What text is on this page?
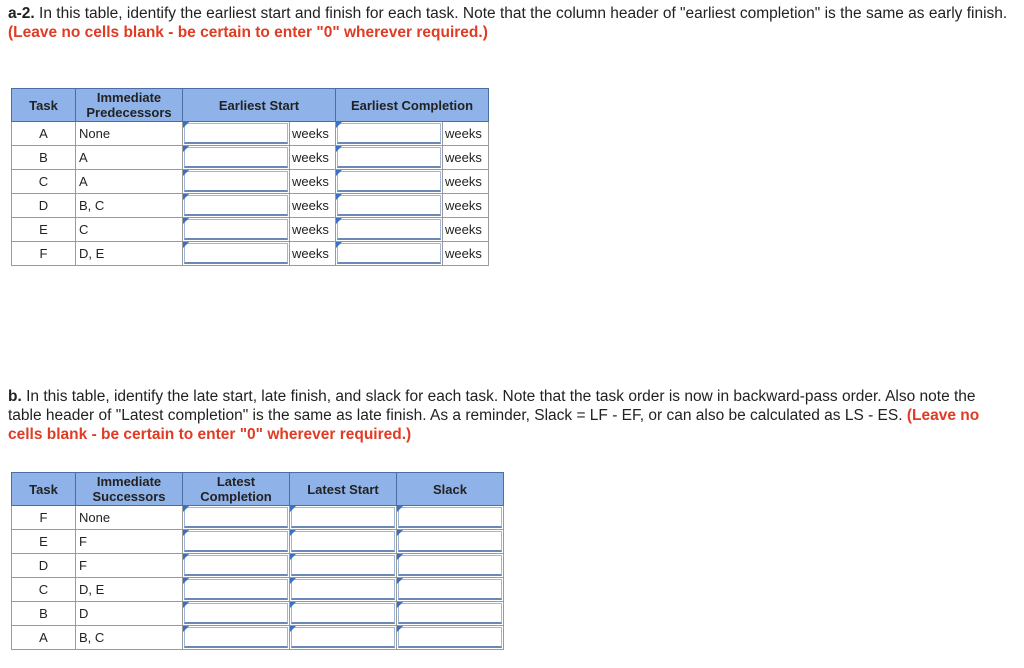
a-2. In this table, identify the earliest start and finish for each task. Note that the column header of "earliest completion" is the same as early finish. (Leave no cells blank - be certain to enter "0" wherever required.)

Task	Immediate Predecessors	Earliest Start		Earliest Completion	
A	None		weeks		weeks
B	A		weeks		weeks
C	A		weeks		weeks
D	B, C		weeks		weeks
E	C		weeks		weeks
F	D, E		weeks		weeks

b. In this table, identify the late start, late finish, and slack for each task. Note that the task order is now in backward-pass order. Also note the table header of "Latest completion" is the same as late finish. As a reminder, Slack = LF - EF, or can also be calculated as LS - ES. (Leave no cells blank - be certain to enter "0" wherever required.)

Task	Immediate Successors	Latest Completion	Latest Start	Slack
F	None	

E	F	

D	F	

C	D, E	

B	D	

A	B, C	
